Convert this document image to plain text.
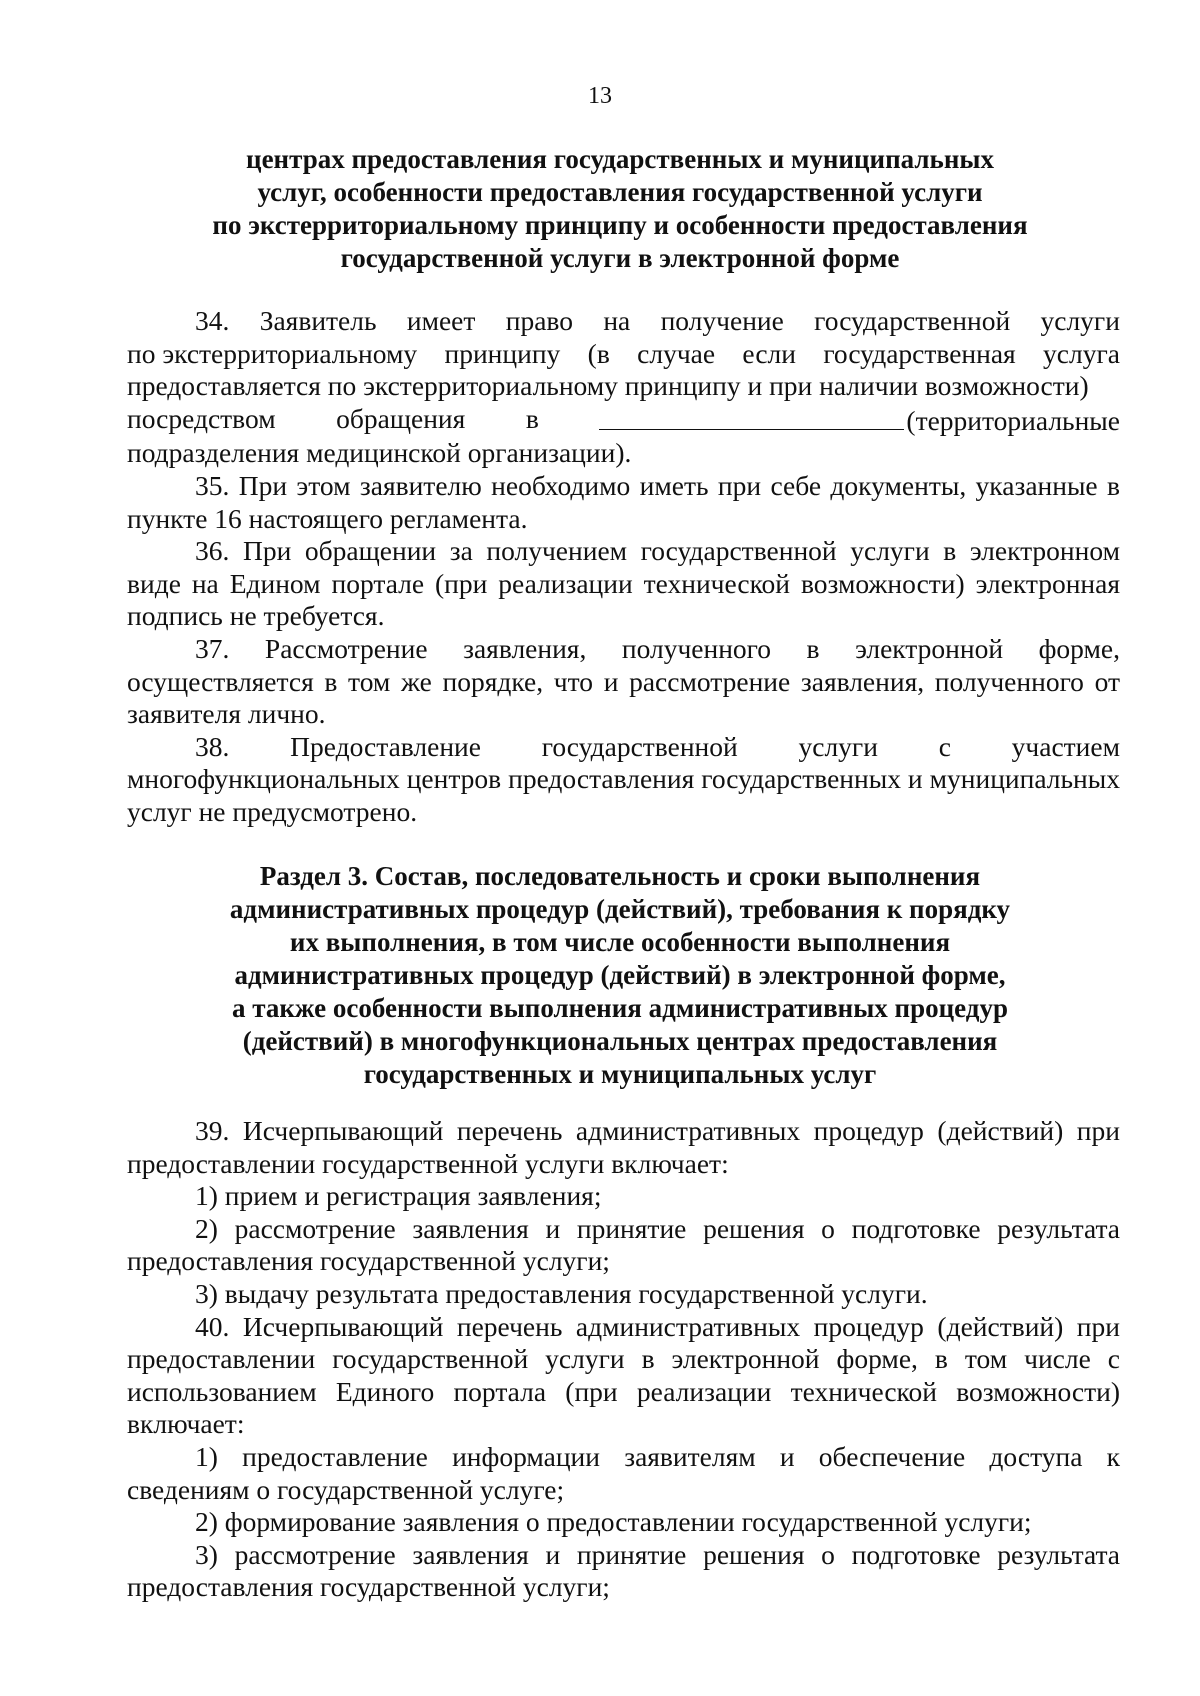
13
центрах предоставления государственных и муниципальных
услуг, особенности предоставления государственной услуги
по экстерриториальному принципу и особенности предоставления
государственной услуги в электронной форме
34. Заявитель имеет право на получение государственной услуги
по экстерриториальному принципу (в случае если государственная услуга
предоставляется по экстерриториальному принципу и при наличии возможности)
посредством обращения в	(территориальные
подразделения медицинской организации).

35. При этом заявителю необходимо иметь при себе документы, указанные в пункте 16 настоящего регламента.

36. При обращении за получением государственной услуги в электронном виде на Едином портале (при реализации технической возможности) электронная подпись не требуется.

37. Рассмотрение заявления, полученного в электронной форме, осуществляется в том же порядке, что и рассмотрение заявления, полученного от заявителя лично.

38. Предоставление государственной услуги с участием многофункциональных центров предоставления государственных и муниципальных услуг не предусмотрено.

Раздел 3. Состав, последовательность и сроки выполнения
административных процедур (действий), требования к порядку
их выполнения, в том числе особенности выполнения
административных процедур (действий) в электронной форме,
а также особенности выполнения административных процедур
(действий) в многофункциональных центрах предоставления
государственных и муниципальных услуг

39. Исчерпывающий перечень административных процедур (действий) при предоставлении государственной услуги включает:

1) прием и регистрация заявления;

2) рассмотрение заявления и принятие решения о подготовке результата предоставления государственной услуги;

3) выдачу результата предоставления государственной услуги.

40. Исчерпывающий перечень административных процедур (действий) при предоставлении государственной услуги в электронной форме, в том числе с использованием Единого портала (при реализации технической возможности) включает:

1) предоставление информации заявителям и обеспечение доступа к сведениям о государственной услуге;

2) формирование заявления о предоставлении государственной услуги;

3) рассмотрение заявления и принятие решения о подготовке результата предоставления государственной услуги;
